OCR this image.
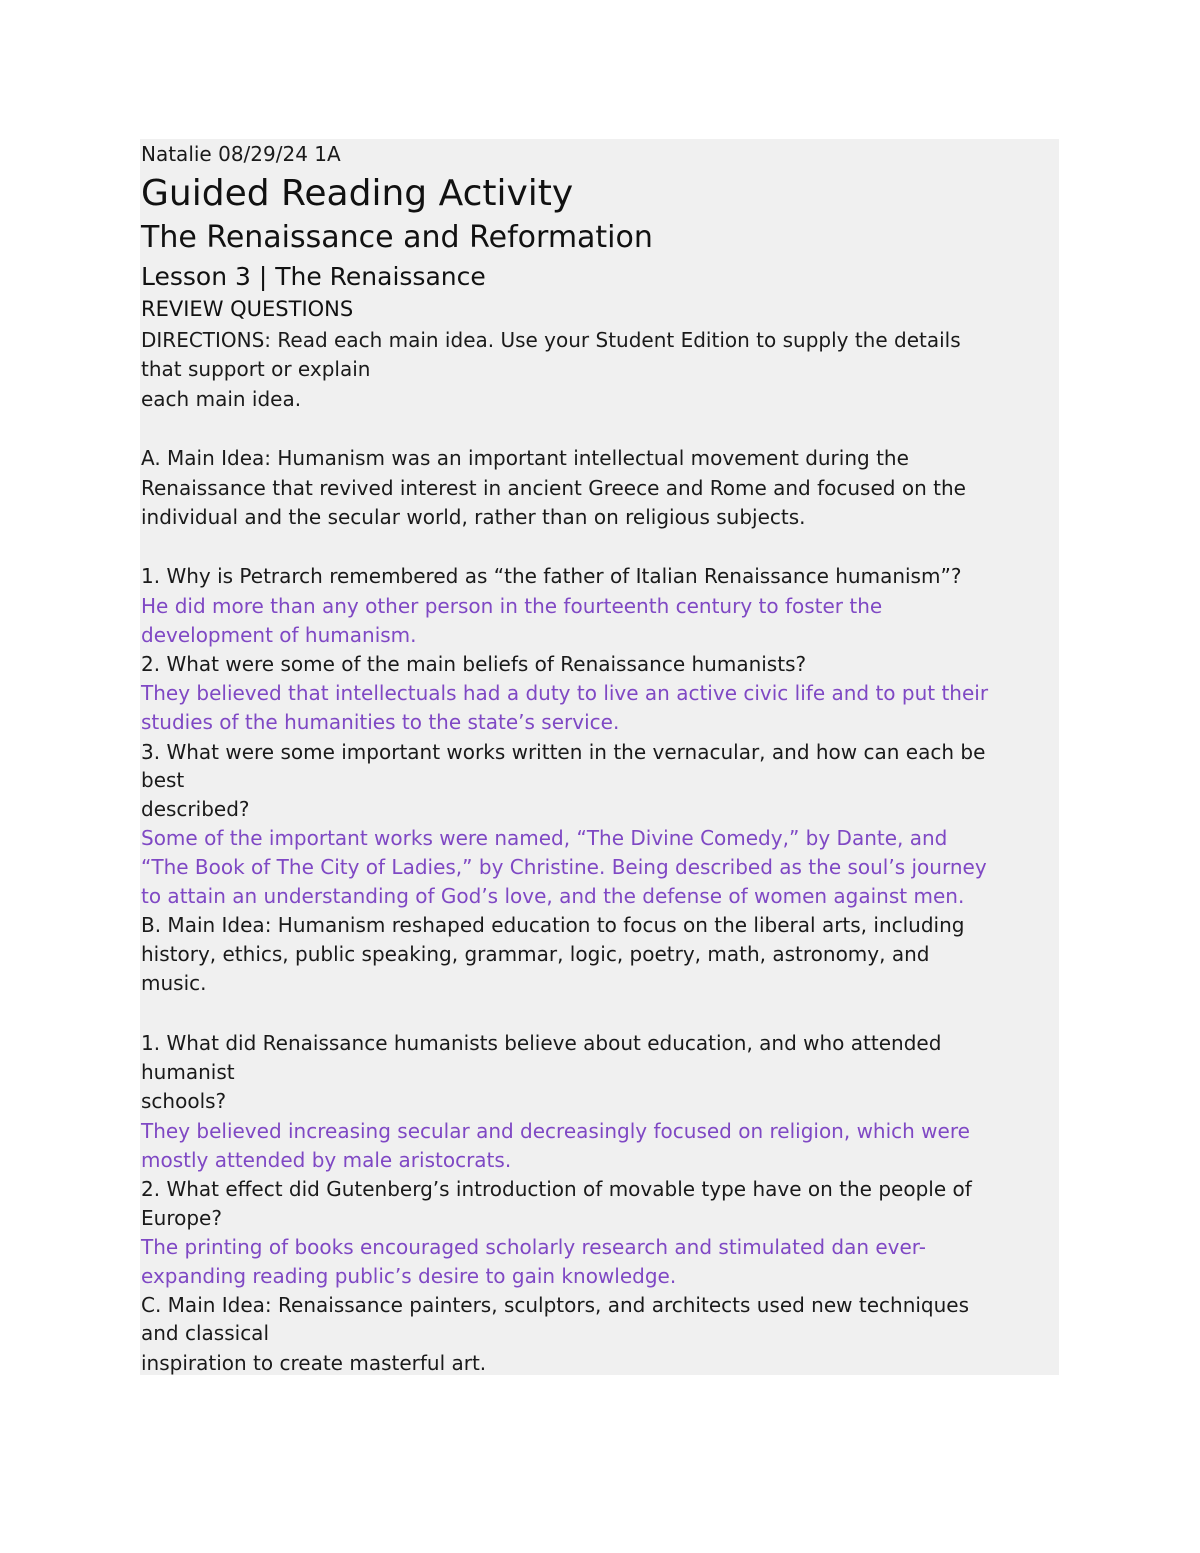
Natalie 08/29/24 1A
Guided Reading Activity
The Renaissance and Reformation
Lesson 3 | The Renaissance
REVIEW QUESTIONS
DIRECTIONS: Read each main idea. Use your Student Edition to supply the details
that support or explain
each main idea.
A. Main Idea: Humanism was an important intellectual movement during the
Renaissance that revived interest in ancient Greece and Rome and focused on the
individual and the secular world, rather than on religious subjects.
1. Why is Petrarch remembered as “the father of Italian Renaissance humanism”?
He did more than any other person in the fourteenth century to foster the
development of humanism.
2. What were some of the main beliefs of Renaissance humanists?
They believed that intellectuals had a duty to live an active civic life and to put their
studies of the humanities to the state’s service.
3. What were some important works written in the vernacular, and how can each be
best
described?
Some of the important works were named, “The Divine Comedy,” by Dante, and
“The Book of The City of Ladies,” by Christine. Being described as the soul’s journey
to attain an understanding of God’s love, and the defense of women against men.
B. Main Idea: Humanism reshaped education to focus on the liberal arts, including
history, ethics, public speaking, grammar, logic, poetry, math, astronomy, and
music.
1. What did Renaissance humanists believe about education, and who attended
humanist
schools?
They believed increasing secular and decreasingly focused on religion, which were
mostly attended by male aristocrats.
2. What effect did Gutenberg’s introduction of movable type have on the people of
Europe?
The printing of books encouraged scholarly research and stimulated dan ever-
expanding reading public’s desire to gain knowledge.
C. Main Idea: Renaissance painters, sculptors, and architects used new techniques
and classical
inspiration to create masterful art.
